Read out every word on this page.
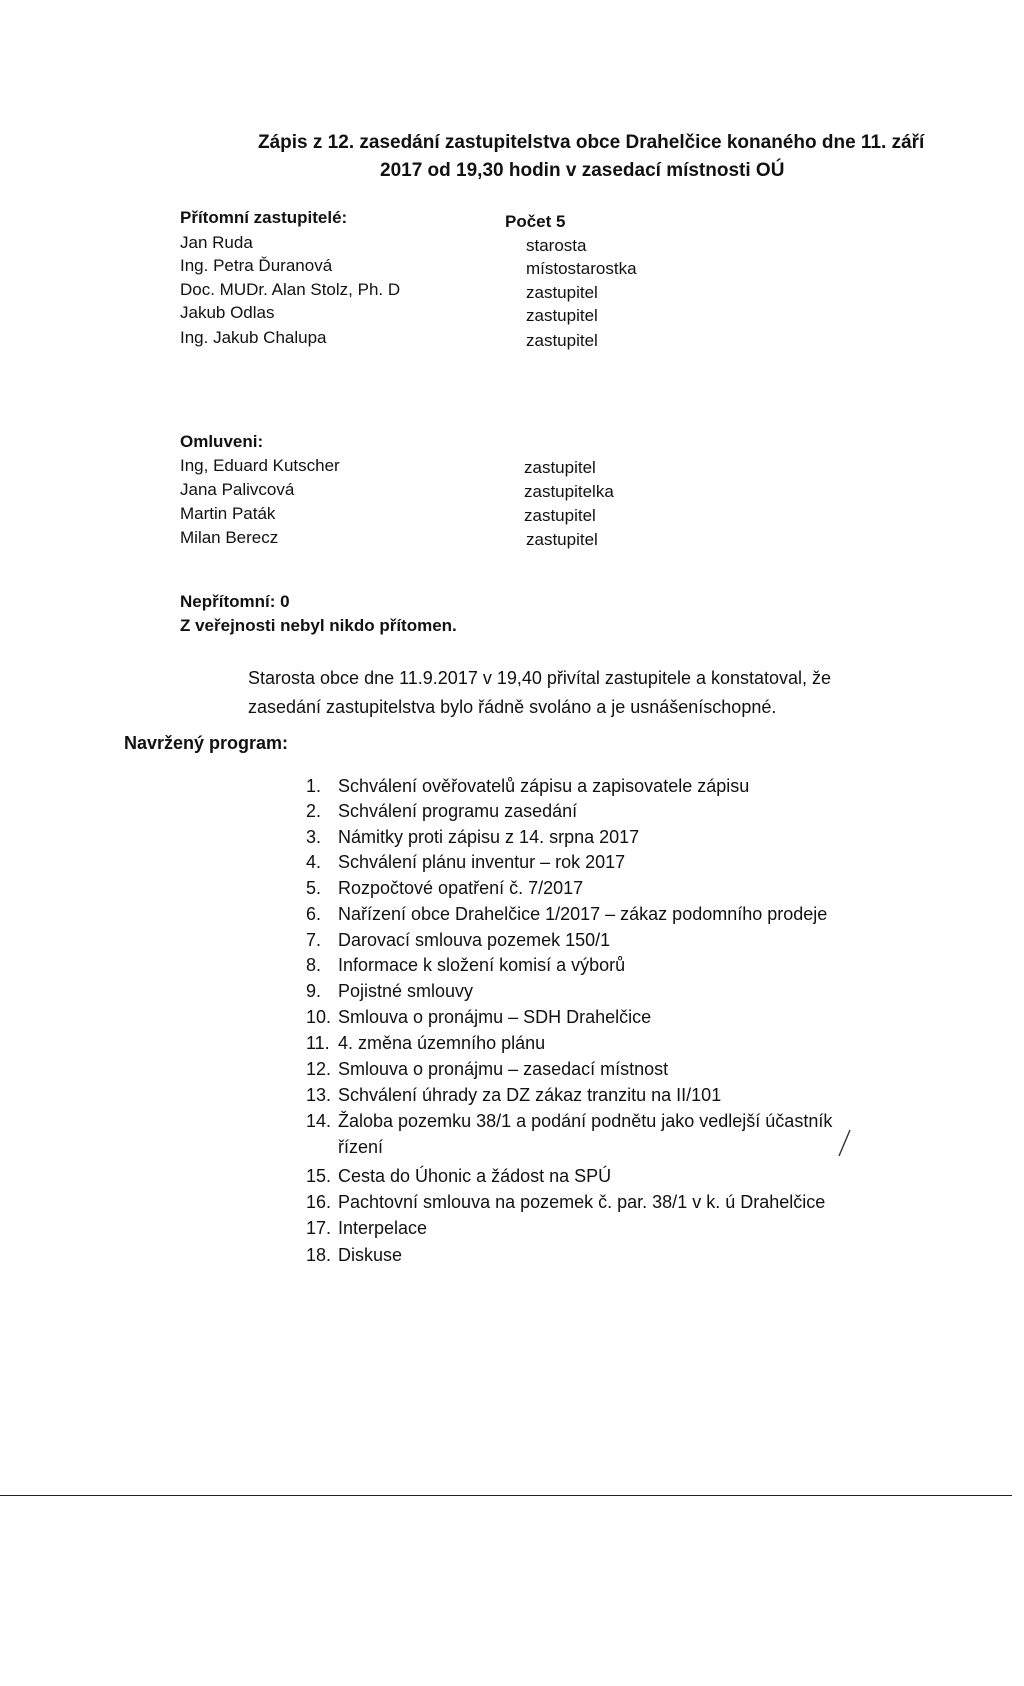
Zápis z 12. zasedání zastupitelstva obce Drahelčice konaného dne 11. září
2017 od 19,30 hodin v zasedací místnosti OÚ
Přítomní zastupitelé:	Počet 5
Jan Ruda	starosta
Ing. Petra Ďuranová	místostarostka
Doc. MUDr. Alan Stolz, Ph. D	zastupitel
Jakub Odlas	zastupitel
Ing. Jakub Chalupa	zastupitel
Omluveni:
Ing, Eduard Kutscher	zastupitel
Jana Palivcová	zastupitelka
Martin Paták	zastupitel
Milan Berecz	zastupitel
Nepřítomní: 0
Z veřejnosti nebyl nikdo přítomen.
Starosta obce dne 11.9.2017 v 19,40 přivítal zastupitele a konstatoval, že
zasedání zastupitelstva bylo řádně svoláno a je usnášeníschopné.
Navržený program:
1. Schválení ověřovatelů zápisu a zapisovatele zápisu
2. Schválení programu zasedání
3. Námitky proti zápisu z 14. srpna 2017
4. Schválení plánu inventur – rok 2017
5. Rozpočtové opatření č. 7/2017
6. Nařízení obce Drahelčice 1/2017 – zákaz podomního prodeje
7. Darovací smlouva pozemek 150/1
8. Informace k složení komisí a výborů
9. Pojistné smlouvy
10. Smlouva o pronájmu – SDH Drahelčice
11. 4. změna územního plánu
12. Smlouva o pronájmu – zasedací místnost
13. Schválení úhrady za DZ zákaz tranzitu na II/101
14. Žaloba pozemku 38/1 a podání podnětu jako vedlejší účastník
řízení
15. Cesta do Úhonic a žádost na SPÚ
16. Pachtovní smlouva na pozemek č. par. 38/1 v k. ú Drahelčice
17. Interpelace
18. Diskuse
